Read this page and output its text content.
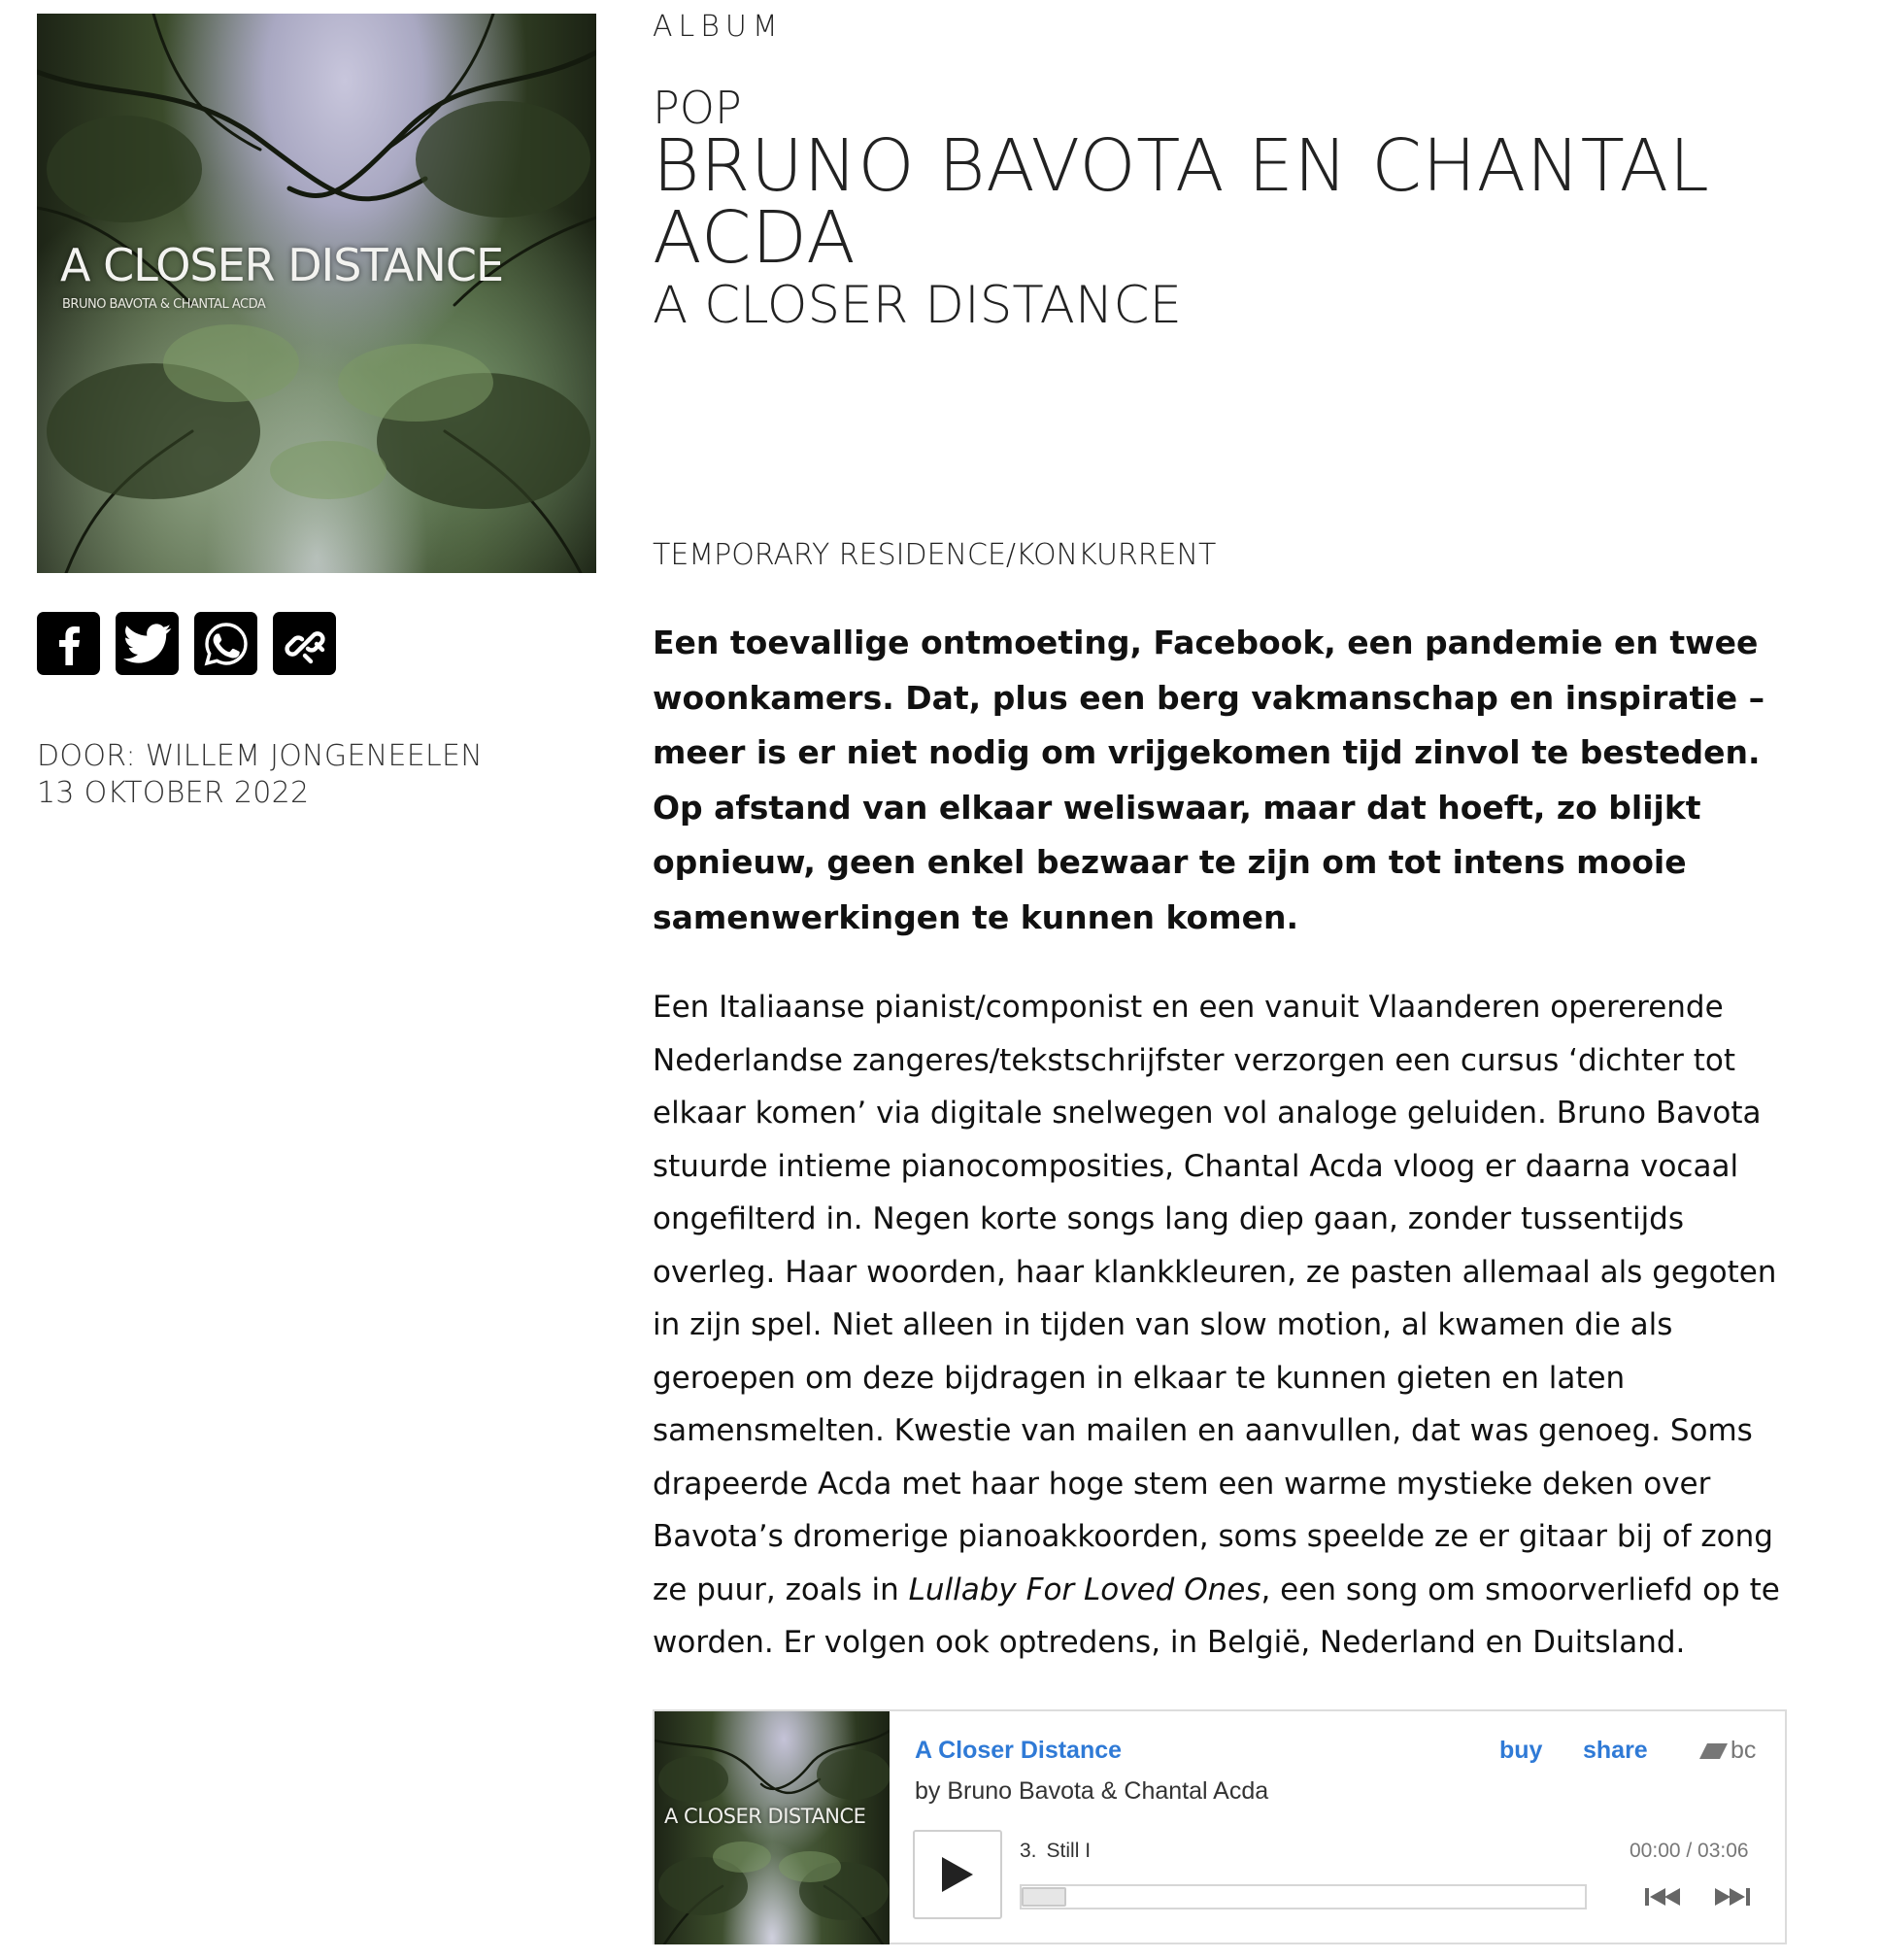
A CLOSER DISTANCE
BRUNO BAVOTA & CHANTAL ACDA
DOOR: WILLEM JONGENEELEN
13 OKTOBER 2022
ALBUM
POP
BRUNO BAVOTA EN CHANTAL ACDA
A CLOSER DISTANCE
TEMPORARY RESIDENCE/KONKURRENT

Een toevallige ontmoeting, Facebook, een pandemie en twee woonkamers. Dat, plus een berg vakmanschap en inspiratie – meer is er niet nodig om vrijgekomen tijd zinvol te besteden. Op afstand van elkaar weliswaar, maar dat hoeft, zo blijkt opnieuw, geen enkel bezwaar te zijn om tot intens mooie samenwerkingen te kunnen komen.

Een Italiaanse pianist/componist en een vanuit Vlaanderen opererende Nederlandse zangeres/tekstschrijfster verzorgen een cursus ‘dichter tot elkaar komen’ via digitale snelwegen vol analoge geluiden. Bruno Bavota stuurde intieme pianocomposities, Chantal Acda vloog er daarna vocaal ongefilterd in. Negen korte songs lang diep gaan, zonder tussentijds overleg. Haar woorden, haar klankkleuren, ze pasten allemaal als gegoten in zijn spel. Niet alleen in tijden van slow motion, al kwamen die als geroepen om deze bijdragen in elkaar te kunnen gieten en laten samensmelten. Kwestie van mailen en aanvullen, dat was genoeg. Soms drapeerde Acda met haar hoge stem een warme mystieke deken over Bavota’s dromerige pianoakkoorden, soms speelde ze er gitaar bij of zong ze puur, zoals in Lullaby For Loved Ones, een song om smoorverliefd op te worden. Er volgen ook optredens, in België, Nederland en Duitsland.

A CLOSER DISTANCE
A Closer Distance
by Bruno Bavota & Chantal Acda
buy share	bc
3. Still I	00:00 / 03:06
